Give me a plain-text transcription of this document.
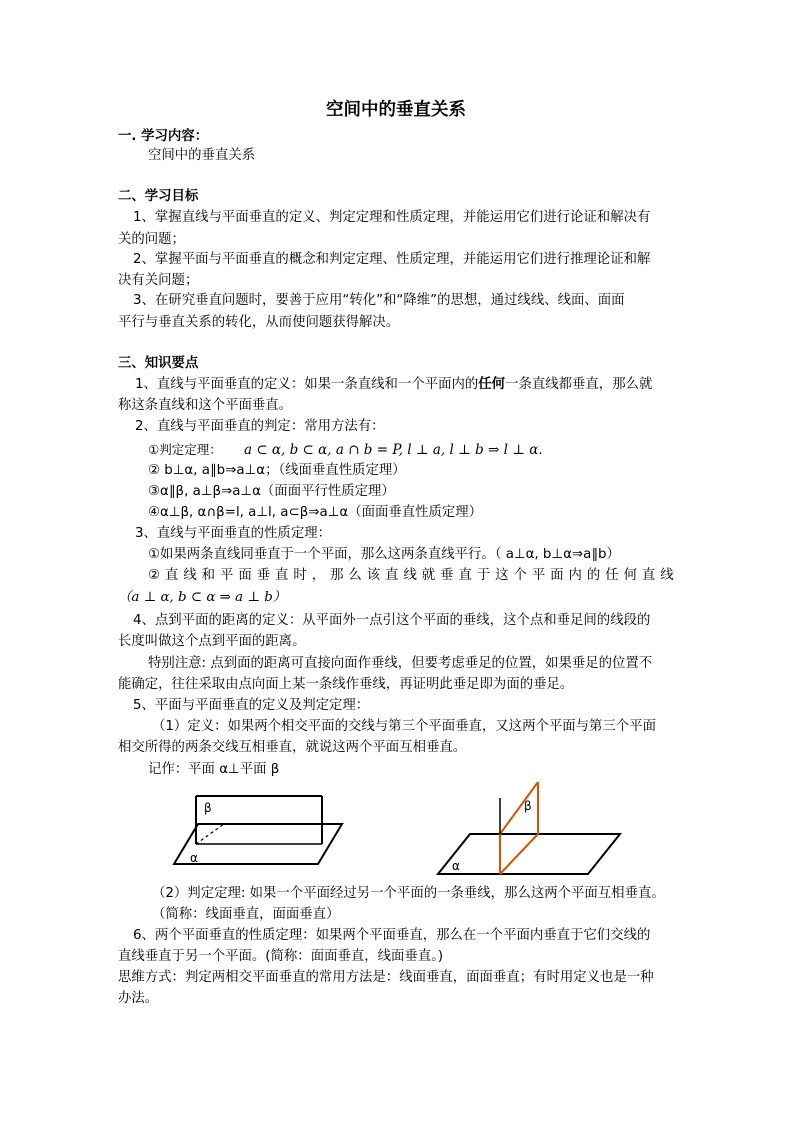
空间中的垂直关系
一. 学习内容：
空间中的垂直关系
二、学习目标
1、掌握直线与平面垂直的定义、判定定理和性质定理，并能运用它们进行论证和解决有
关的问题；
2、掌握平面与平面垂直的概念和判定定理、性质定理，并能运用它们进行推理论证和解
决有关问题；
3、在研究垂直问题时，要善于应用“转化”和“降维”的思想，通过线线、线面、面面
平行与垂直关系的转化，从而使问题获得解决。
三、知识要点
1、直线与平面垂直的定义：如果一条直线和一个平面内的任何一条直线都垂直，那么就
称这条直线和这个平面垂直。
2、直线与平面垂直的判定：常用方法有：
①判定定理： a ⊂ α, b ⊂ α, a ∩ b = P, l ⊥ a, l ⊥ b ⇒ l ⊥ α.
② b⊥α, a∥b⇒a⊥α；（线面垂直性质定理）
③α∥β, a⊥β⇒a⊥α（面面平行性质定理）
④α⊥β, α∩β=l, a⊥l, a⊂β⇒a⊥α（面面垂直性质定理）
3、直线与平面垂直的性质定理：
①如果两条直线同垂直于一个平面，那么这两条直线平行。（ a⊥α, b⊥α⇒a∥b）
② 直 线 和 平 面 垂 直 时 ， 那 么 该 直 线 就 垂 直 于 这 个 平 面 内 的 任 何 直 线
（a ⊥ α, b ⊂ α ⇒ a ⊥ b）
4、点到平面的距离的定义：从平面外一点引这个平面的垂线，这个点和垂足间的线段的
长度叫做这个点到平面的距离。
特别注意: 点到面的距离可直接向面作垂线，但要考虑垂足的位置，如果垂足的位置不
能确定，往往采取由点向面上某一条线作垂线，再证明此垂足即为面的垂足。
5、平面与平面垂直的定义及判定定理：
（1）定义：如果两个相交平面的交线与第三个平面垂直，又这两个平面与第三个平面
相交所得的两条交线互相垂直，就说这两个平面互相垂直。
记作：平面 α⊥平面 β
β
α
β
α
（2）判定定理: 如果一个平面经过另一个平面的一条垂线，那么这两个平面互相垂直。
（简称：线面垂直，面面垂直）
6、两个平面垂直的性质定理：如果两个平面垂直，那么在一个平面内垂直于它们交线的
直线垂直于另一个平面。(简称：面面垂直，线面垂直。)
思维方式：判定两相交平面垂直的常用方法是：线面垂直，面面垂直；有时用定义也是一种
办法。
